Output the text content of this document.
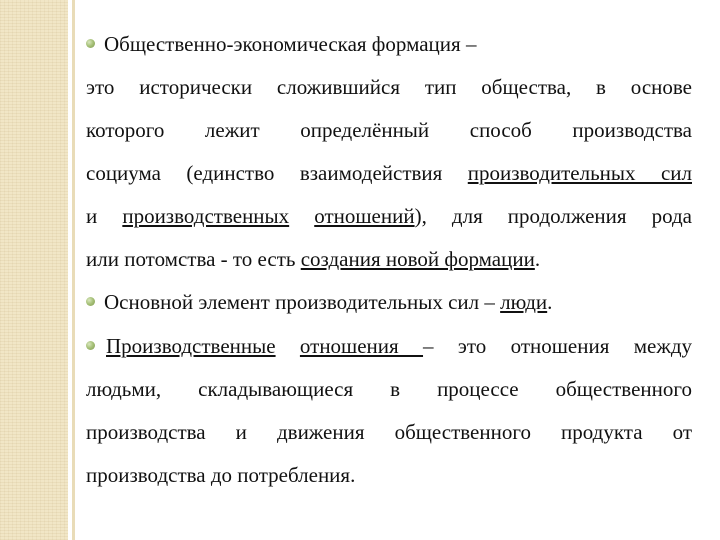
Общественно-экономическая формация –
это исторически сложившийся тип общества, в основе
которого лежит определённый способ производства
социума (единство взаимодействия производительных сил
и производственных отношений), для продолжения рода
или потомства - то есть создания новой формации.
Основной элемент производительных сил – люди.
Производственные отношения – это отношения между
людьми, складывающиеся в процессе общественного
производства и движения общественного продукта от
производства до потребления.
